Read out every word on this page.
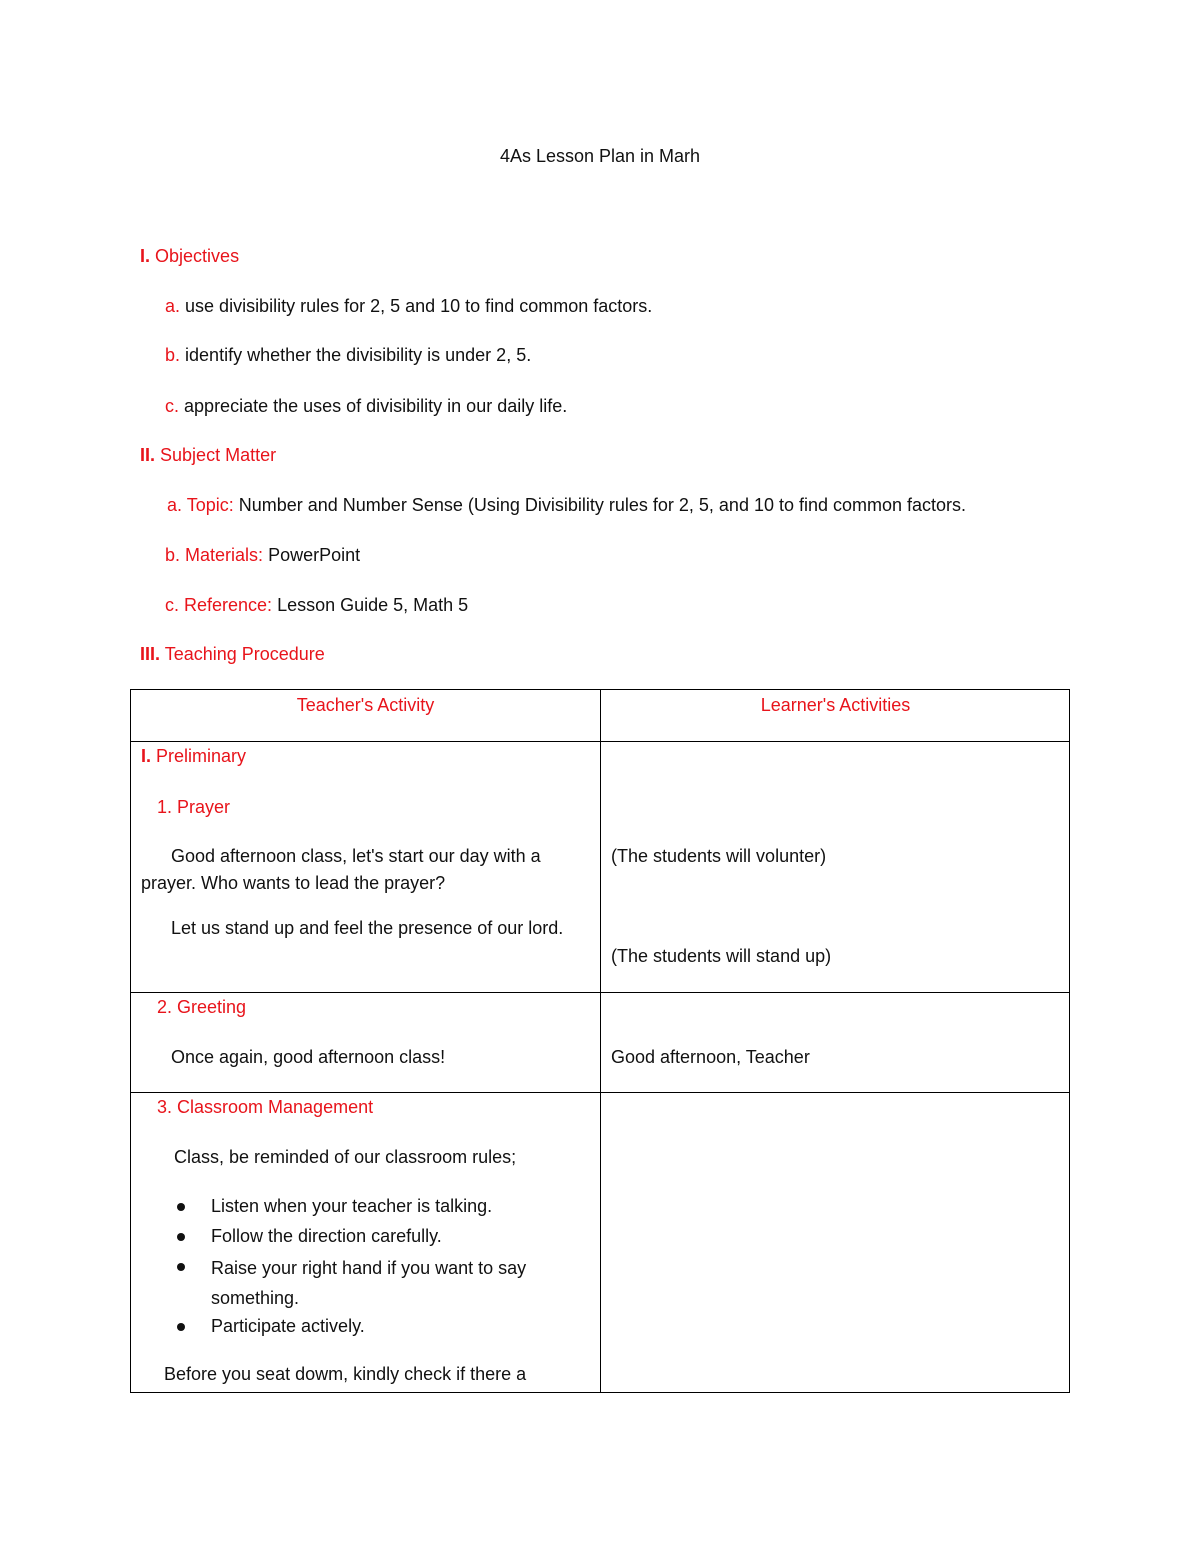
4As Lesson Plan in Marh
I. Objectives
a. use divisibility rules for 2, 5 and 10 to find common factors.
b. identify whether the divisibility is under 2, 5.
c. appreciate the uses of divisibility in our daily life.
II. Subject Matter
a. Topic: Number and Number Sense (Using Divisibility rules for 2, 5, and 10 to find common factors.
b. Materials: PowerPoint
c. Reference: Lesson Guide 5, Math 5
III. Teaching Procedure
Teacher's Activity	Learner's Activities
I. Preliminary
1. Prayer
Good afternoon class, let's start our day with a prayer. Who wants to lead the prayer?
(The students will volunter)
Let us stand up and feel the presence of our lord.
(The students will stand up)
2. Greeting
Once again, good afternoon class!	Good afternoon, Teacher
3. Classroom Management
Class, be reminded of our classroom rules;
Listen when your teacher is talking.
Follow the direction carefully.
Raise your right hand if you want to say something.
Participate actively.
Before you seat dowm, kindly check if there a
